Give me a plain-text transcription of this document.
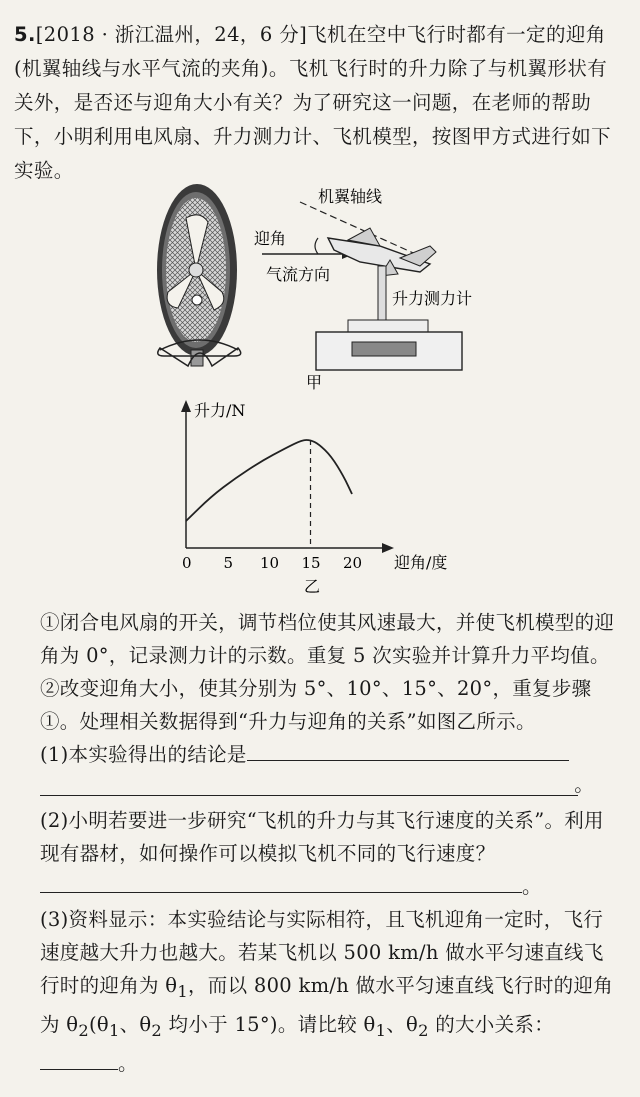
5.[2018 · 浙江温州，24，6 分]飞机在空中飞行时都有一定的迎角(机翼轴线与水平气流的夹角)。飞机飞行时的升力除了与机翼形状有关外，是否还与迎角大小有关？为了研究这一问题，在老师的帮助下，小明利用电风扇、升力测力计、飞机模型，按图甲方式进行如下实验。
机翼轴线
迎角
气流方向
升力测力计
甲
升力/N
迎角/度
0 5 10 15 20
乙

①闭合电风扇的开关，调节档位使其风速最大，并使飞机模型的迎角为 0°，记录测力计的示数。重复 5 次实验并计算升力平均值。

②改变迎角大小，使其分别为 5°、10°、15°、20°，重复步骤①。处理相关数据得到“升力与迎角的关系”如图乙所示。

(1)本实验得出的结论是

。

(2)小明若要进一步研究“飞机的升力与其飞行速度的关系”。利用现有器材，如何操作可以模拟飞机不同的飞行速度？。

(3)资料显示：本实验结论与实际相符，且飞机迎角一定时，飞行速度越大升力也越大。若某飞机以 500 km/h 做水平匀速直线飞行时的迎角为 $\theta_1$，而以 800 km/h 做水平匀速直线飞行时的迎角为 $\theta_2(\theta_1$、$\theta_2$ 均小于 15°)。请比较 $\theta_1$、$\theta_2$ 的大小关系：。
